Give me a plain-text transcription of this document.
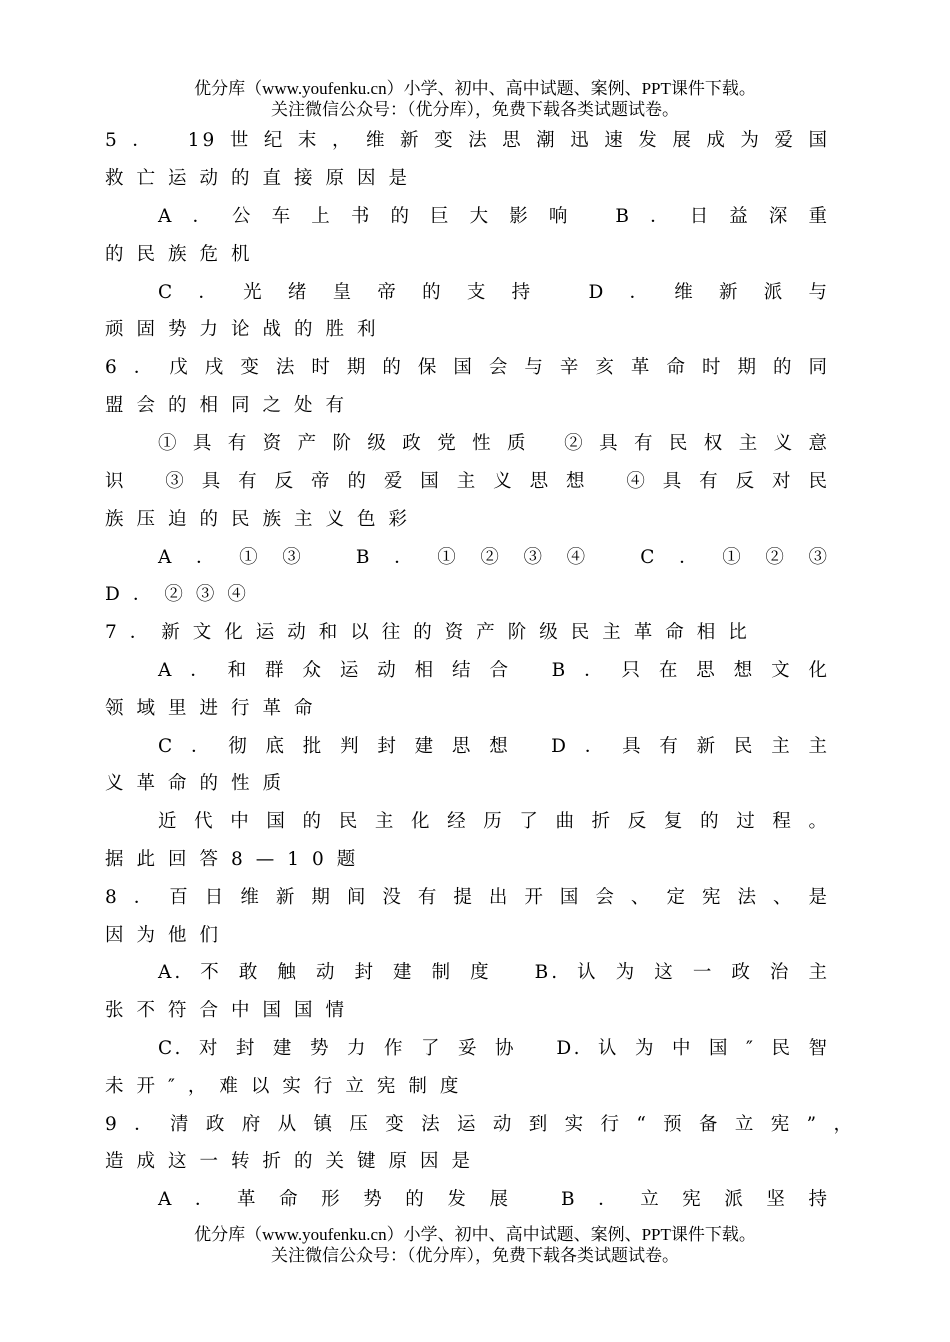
优分库（www.youfenku.cn）小学、初中、高中试题、案例、PPT课件下载。
关注微信公众号：（优分库），免费下载各类试题试卷。
5． 19世纪末，维新变法思潮迅速发展成为爱国
救亡运动的直接原因是
A．公车上书的巨大影响 B．日益深重
的民族危机
C．光绪皇帝的支持 D．维新派与
顽固势力论战的胜利
6．戊戌变法时期的保国会与辛亥革命时期的同
盟会的相同之处有
①具有资产阶级政党性质 ②具有民权主义意
识 ③具有反帝的爱国主义思想 ④具有反对民
族压迫的民族主义色彩
A．①③ B．①②③④ C．①②③
D．②③④
7．新文化运动和以往的资产阶级民主革命相比
A．和群众运动相结合 B．只在思想文化
领域里进行革命
C．彻底批判封建思想 D．具有新民主主
义革命的性质
近代中国的民主化经历了曲折反复的过程。
据此回答8—10题
8．百日维新期间没有提出开国会、定宪法、是
因为他们
A.不敢触动封建制度 B.认为这一政治主
张不符合中国国情
C.对封建势力作了妥协 D.认为中国″民智
未开″，难以实行立宪制度
9．清政府从镇压变法运动到实行“预备立宪”，
造成这一转折的关键原因是
A．革命形势的发展 B．立宪派坚持
优分库（www.youfenku.cn）小学、初中、高中试题、案例、PPT课件下载。
关注微信公众号：（优分库），免费下载各类试题试卷。
